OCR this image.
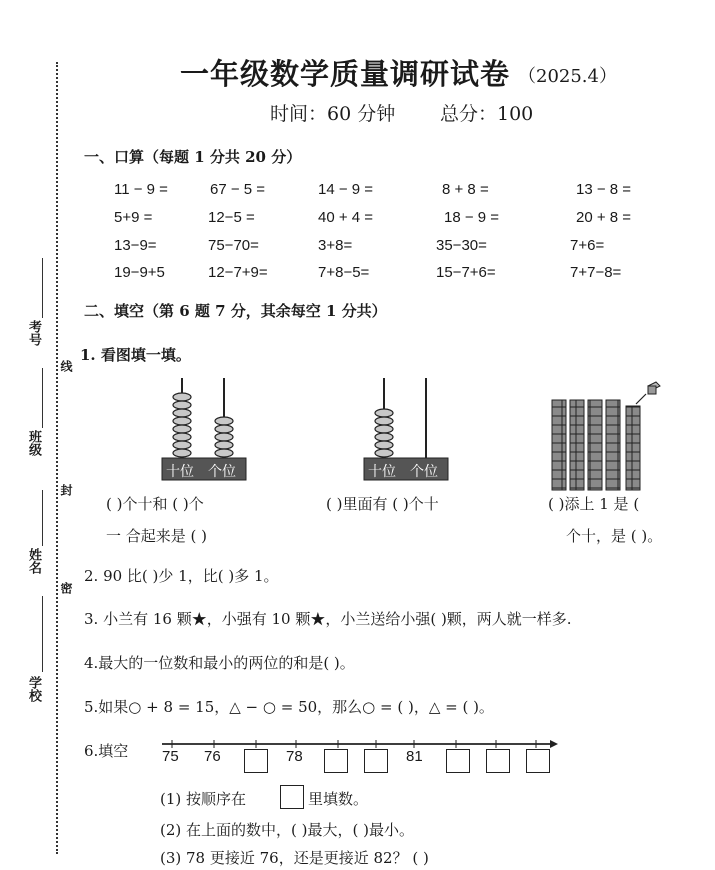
考号
线
班级
封
姓名
密
学校
一年级数学质量调研试卷 （2025.4）
时间：60 分钟 总分：100
一、口算（每题 1 分共 20 分）
11 − 9 =	67 − 5 =	14 − 9 =	8 + 8 =	13 − 8 =
5+9 =	12−5 =	40 + 4 =	18 − 9 =	20 + 8 =
13−9=	75−70=	3+8=	35−30=	7+6=
19−9+5	12−7+9=	7+8−5=	15−7+6=	7+7−8=
二、填空（第 6 题 7 分，其余每空 1 分共）
1. 看图填一填。
十位 个位	十位 个位
( )个十和 ( )个
一 合起来是 ( )
( )里面有 ( )个十	( )添上 1 是 (
个十，是 ( )。
2. 90 比( )少 1，比( )多 1。
3. 小兰有 16 颗★，小强有 10 颗★，小兰送给小强( )颗，两人就一样多.
4.最大的一位数和最小的两位的和是( )。
5.如果○ + 8 = 15，△ − ○ = 50，那么○ = ( )，△ = ( )。
6.填空 75 76	78	81
(1) 按顺序在	里填数。
(2) 在上面的数中，( )最大，( )最小。
(3) 78 更接近 76，还是更接近 82？ ( )
